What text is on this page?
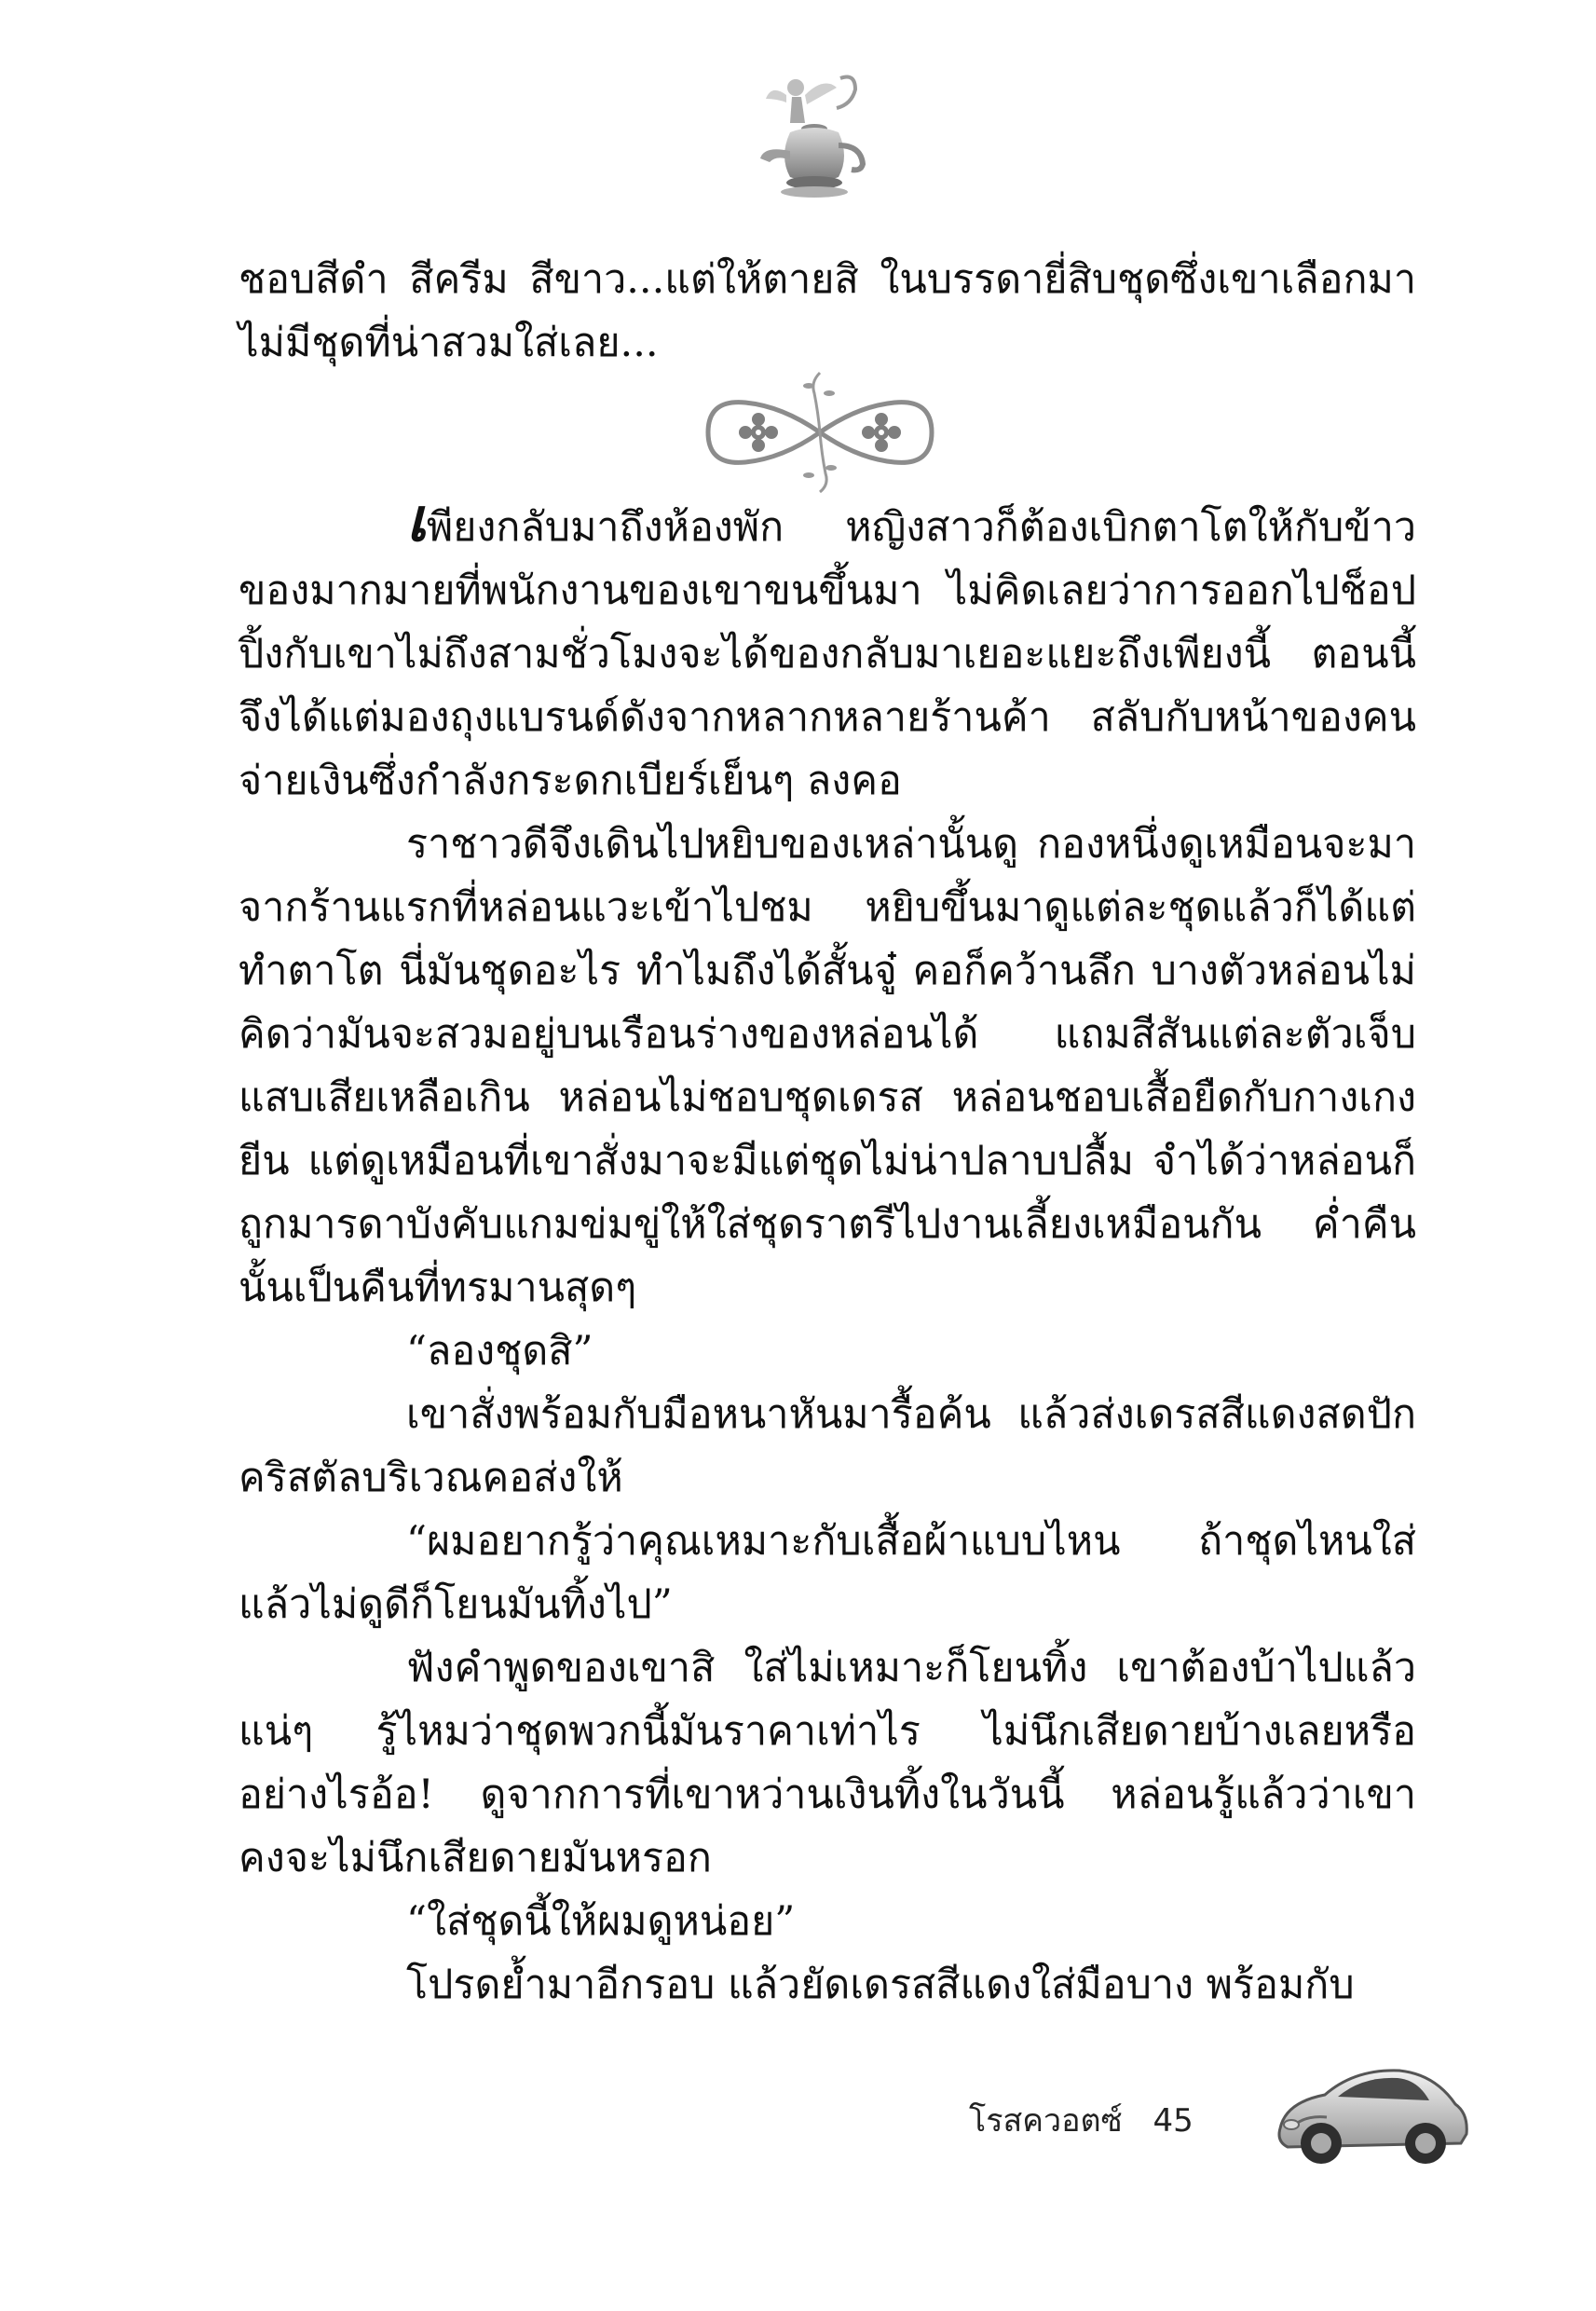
ชอบสีดำ สีครีม สีขาว...แต่ให้ตายสิ ในบรรดายี่สิบชุดซึ่งเขาเลือกมา ไม่มีชุดที่น่าสวมใส่เลย...

เพียงกลับมาถึงห้องพัก หญิงสาวก็ต้องเบิกตาโตให้กับข้าวของมากมายที่พนักงานของเขาขนขึ้นมา ไม่คิดเลยว่าการออกไปช็อปปิ้งกับเขาไม่ถึงสามชั่วโมงจะได้ของกลับมาเยอะแยะถึงเพียงนี้ ตอนนี้จึงได้แต่มองถุงแบรนด์ดังจากหลากหลายร้านค้า สลับกับหน้าของคนจ่ายเงินซึ่งกำลังกระดกเบียร์เย็นๆ ลงคอ

ราชาวดีจึงเดินไปหยิบของเหล่านั้นดู กองหนึ่งดูเหมือนจะมาจากร้านแรกที่หล่อนแวะเข้าไปชม หยิบขึ้นมาดูแต่ละชุดแล้วก็ได้แต่ทำตาโต นี่มันชุดอะไร ทำไมถึงได้สั้นจู๋ คอก็คว้านลึก บางตัวหล่อนไม่คิดว่ามันจะสวมอยู่บนเรือนร่างของหล่อนได้ แถมสีสันแต่ละตัวเจ็บแสบเสียเหลือเกิน หล่อนไม่ชอบชุดเดรส หล่อนชอบเสื้อยืดกับกางเกงยีน แต่ดูเหมือนที่เขาสั่งมาจะมีแต่ชุดไม่น่าปลาบปลื้ม จำได้ว่าหล่อนก็ถูกมารดาบังคับแกมข่มขู่ให้ใส่ชุดราตรีไปงานเลี้ยงเหมือนกัน ค่ำคืนนั้นเป็นคืนที่ทรมานสุดๆ

“ลองชุดสิ”

เขาสั่งพร้อมกับมือหนาหันมารื้อค้น แล้วส่งเดรสสีแดงสดปักคริสตัลบริเวณคอส่งให้

“ผมอยากรู้ว่าคุณเหมาะกับเสื้อผ้าแบบไหน ถ้าชุดไหนใส่แล้วไม่ดูดีก็โยนมันทิ้งไป”

ฟังคำพูดของเขาสิ ใส่ไม่เหมาะก็โยนทิ้ง เขาต้องบ้าไปแล้วแน่ๆ รู้ไหมว่าชุดพวกนี้มันราคาเท่าไร ไม่นึกเสียดายบ้างเลยหรืออย่างไรอ้อ! ดูจากการที่เขาหว่านเงินทิ้งในวันนี้ หล่อนรู้แล้วว่าเขาคงจะไม่นึกเสียดายมันหรอก

“ใส่ชุดนี้ให้ผมดูหน่อย”

โปรดย้ำมาอีกรอบ แล้วยัดเดรสสีแดงใส่มือบาง พร้อมกับ

โรสควอตซ์ 45
